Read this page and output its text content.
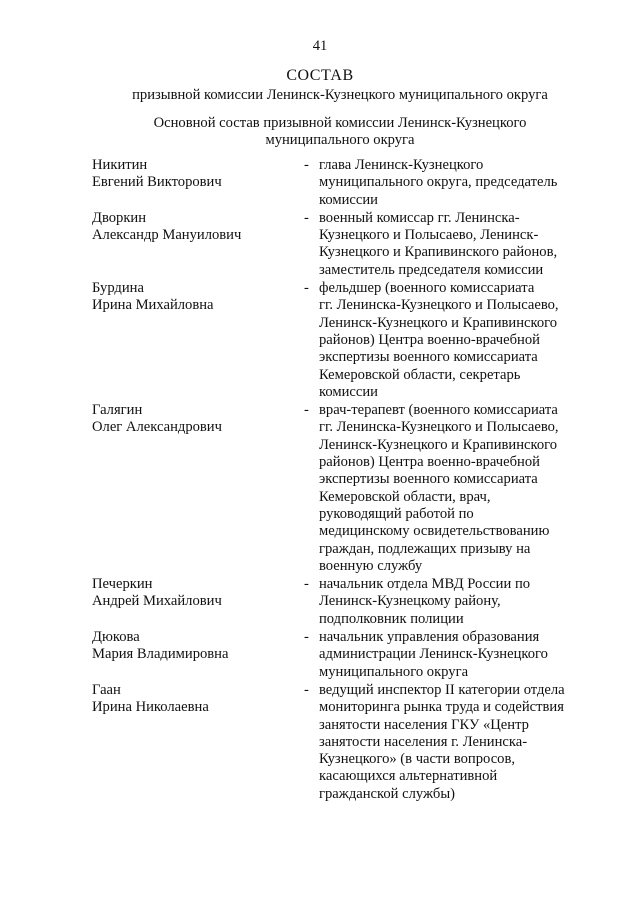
41
СОСТАВ
призывной комиссии Ленинск-Кузнецкого муниципального округа
Основной состав призывной комиссии Ленинск-Кузнецкого
муниципального округа
Никитин
Евгений Викторович
- глава Ленинск-Кузнецкого
муниципального округа, председатель
комиссии
Дворкин
Александр Мануилович
- военный комиссар гг. Ленинска-
Кузнецкого и Полысаево, Ленинск-
Кузнецкого и Крапивинского районов,
заместитель председателя комиссии
Бурдина
Ирина Михайловна
- фельдшер (военного комиссариата
гг. Ленинска-Кузнецкого и Полысаево,
Ленинск-Кузнецкого и Крапивинского
районов) Центра военно-врачебной
экспертизы военного комиссариата
Кемеровской области, секретарь
комиссии
Галягин
Олег Александрович
- врач-терапевт (военного комиссариата
гг. Ленинска-Кузнецкого и Полысаево,
Ленинск-Кузнецкого и Крапивинского
районов) Центра военно-врачебной
экспертизы военного комиссариата
Кемеровской области, врач,
руководящий работой по
медицинскому освидетельствованию
граждан, подлежащих призыву на
военную службу
Печеркин
Андрей Михайлович
- начальник отдела МВД России по
Ленинск-Кузнецкому району,
подполковник полиции
Дюкова
Мария Владимировна
- начальник управления образования
администрации Ленинск-Кузнецкого
муниципального округа
Гаан
Ирина Николаевна
- ведущий инспектор II категории отдела
мониторинга рынка труда и содействия
занятости населения ГКУ «Центр
занятости населения г. Ленинска-
Кузнецкого» (в части вопросов,
касающихся альтернативной
гражданской службы)
